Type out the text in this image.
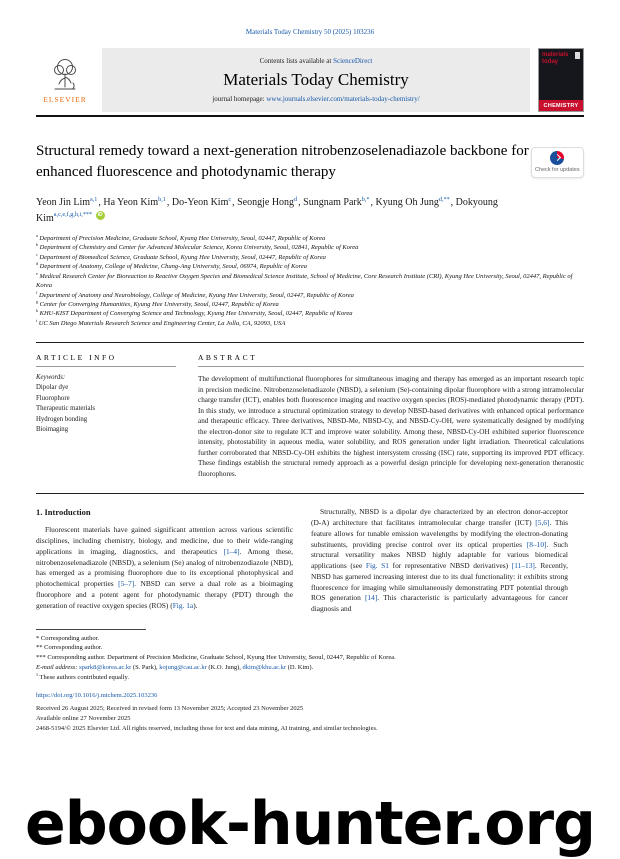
Materials Today Chemistry 50 (2025) 103236
ELSEVIER
Contents lists available at ScienceDirect
Materials Today Chemistry
journal homepage: www.journals.elsevier.com/materials-today-chemistry/
materials today
CHEMISTRY
Structural remedy toward a next-generation nitrobenzoselenadiazole backbone for enhanced fluorescence and photodynamic therapy	Check for updates
Yeon Jin Lim$^{a,1}$, Ha Yeon Kim$^{b,1}$, Do-Yeon Kim$^c$, Seongje Hong$^d$, Sungnam Park$^{b,*}$, Kyung Oh Jung$^{d,**}$, Dokyoung Kim$^{a,c,e,f,g,h,i,***}$ iD
$^a$ Department of Precision Medicine, Graduate School, Kyung Hee University, Seoul, 02447, Republic of Korea
$^b$ Department of Chemistry and Center for Advanced Molecular Science, Korea University, Seoul, 02841, Republic of Korea
$^c$ Department of Biomedical Science, Graduate School, Kyung Hee University, Seoul, 02447, Republic of Korea
$^d$ Department of Anatomy, College of Medicine, Chung-Ang University, Seoul, 06974, Republic of Korea
$^e$ Medical Research Center for Bioreaction to Reactive Oxygen Species and Biomedical Science Institute, School of Medicine, Core Research Institute (CRI), Kyung Hee University, Seoul, 02447, Republic of Korea
$^f$ Department of Anatomy and Neurobiology, College of Medicine, Kyung Hee University, Seoul, 02447, Republic of Korea
$^g$ Center for Converging Humanities, Kyung Hee University, Seoul, 02447, Republic of Korea
$^h$ KHU-KIST Department of Converging Science and Technology, Kyung Hee University, Seoul, 02447, Republic of Korea
$^i$ UC San Diego Materials Research Science and Engineering Center, La Jolla, CA, 92093, USA
ARTICLE INFO
Keywords:
Dipolar dye
Fluorophore
Therapeutic materials
Hydrogen bonding
Bioimaging
ABSTRACT

The development of multifunctional fluorophores for simultaneous imaging and therapy has emerged as an important research topic in precision medicine. Nitrobenzoselenadiazole (NBSD), a selenium (Se)-containing dipolar fluorophore with a strong intramolecular charge transfer (ICT), enables both fluorescence imaging and reactive oxygen species (ROS)-mediated photodynamic therapy (PDT). In this study, we introduce a structural optimization strategy to develop NBSD-based derivatives with enhanced optical performance and therapeutic efficacy. Three derivatives, NBSD-Me, NBSD-Cy, and NBSD-Cy-OH, were systematically designed by modifying the electron-donor site to regulate ICT and improve water solubility. Among these, NBSD-Cy-OH exhibited superior fluorescence intensity, photostability in aqueous media, water solubility, and ROS generation under light irradiation. Theoretical calculations further corroborated that NBSD-Cy-OH exhibits the highest intersystem crossing (ISC) rate, supporting its improved PDT efficacy. These findings establish the structural remedy approach as a powerful design principle for developing next-generation theranostic fluorophores.

1. Introduction

Fluorescent materials have gained significant attention across various scientific disciplines, including chemistry, biology, and medicine, due to their wide-ranging applications in imaging, diagnostics, and therapeutics [1–4]. Among these, nitrobenzoselenadiazole (NBSD), a selenium (Se) analog of nitrobenzodiazole (NBD), has emerged as a promising fluorophore due to its exceptional photophysical and photochemical properties [5–7]. NBSD can serve a dual role as a bioimaging fluorophore and a potent agent for photodynamic therapy (PDT) through the generation of reactive oxygen species (ROS) (Fig. 1a).

Structurally, NBSD is a dipolar dye characterized by an electron donor-acceptor (D-A) architecture that facilitates intramolecular charge transfer (ICT) [5,6]. This feature allows for tunable emission wavelengths by modifying the electron-donating substituents, providing precise control over its optical properties [8–10]. Such structural versatility makes NBSD highly adaptable for various biomedical applications (see Fig. S1 for representative NBSD derivatives) [11–13]. Recently, NBSD has garnered increasing interest due to its dual functionality: it exhibits strong fluorescence for imaging while simultaneously demonstrating PDT potential through ROS generation [14]. This characteristic is particularly advantageous for cancer diagnosis and

* Corresponding author.
** Corresponding author.
*** Corresponding author. Department of Precision Medicine, Graduate School, Kyung Hee University, Seoul, 02447, Republic of Korea.
E-mail address: spark8@korea.ac.kr (S. Park), kojung@cau.ac.kr (K.O. Jung), dkim@khu.ac.kr (D. Kim).
$^1$ These authors contributed equally.
https://doi.org/10.1016/j.mtchem.2025.103236
Received 26 August 2025; Received in revised form 13 November 2025; Accepted 23 November 2025
Available online 27 November 2025
2468-5194/© 2025 Elsevier Ltd. All rights reserved, including those for text and data mining, AI training, and similar technologies.
ebook-hunter.org
